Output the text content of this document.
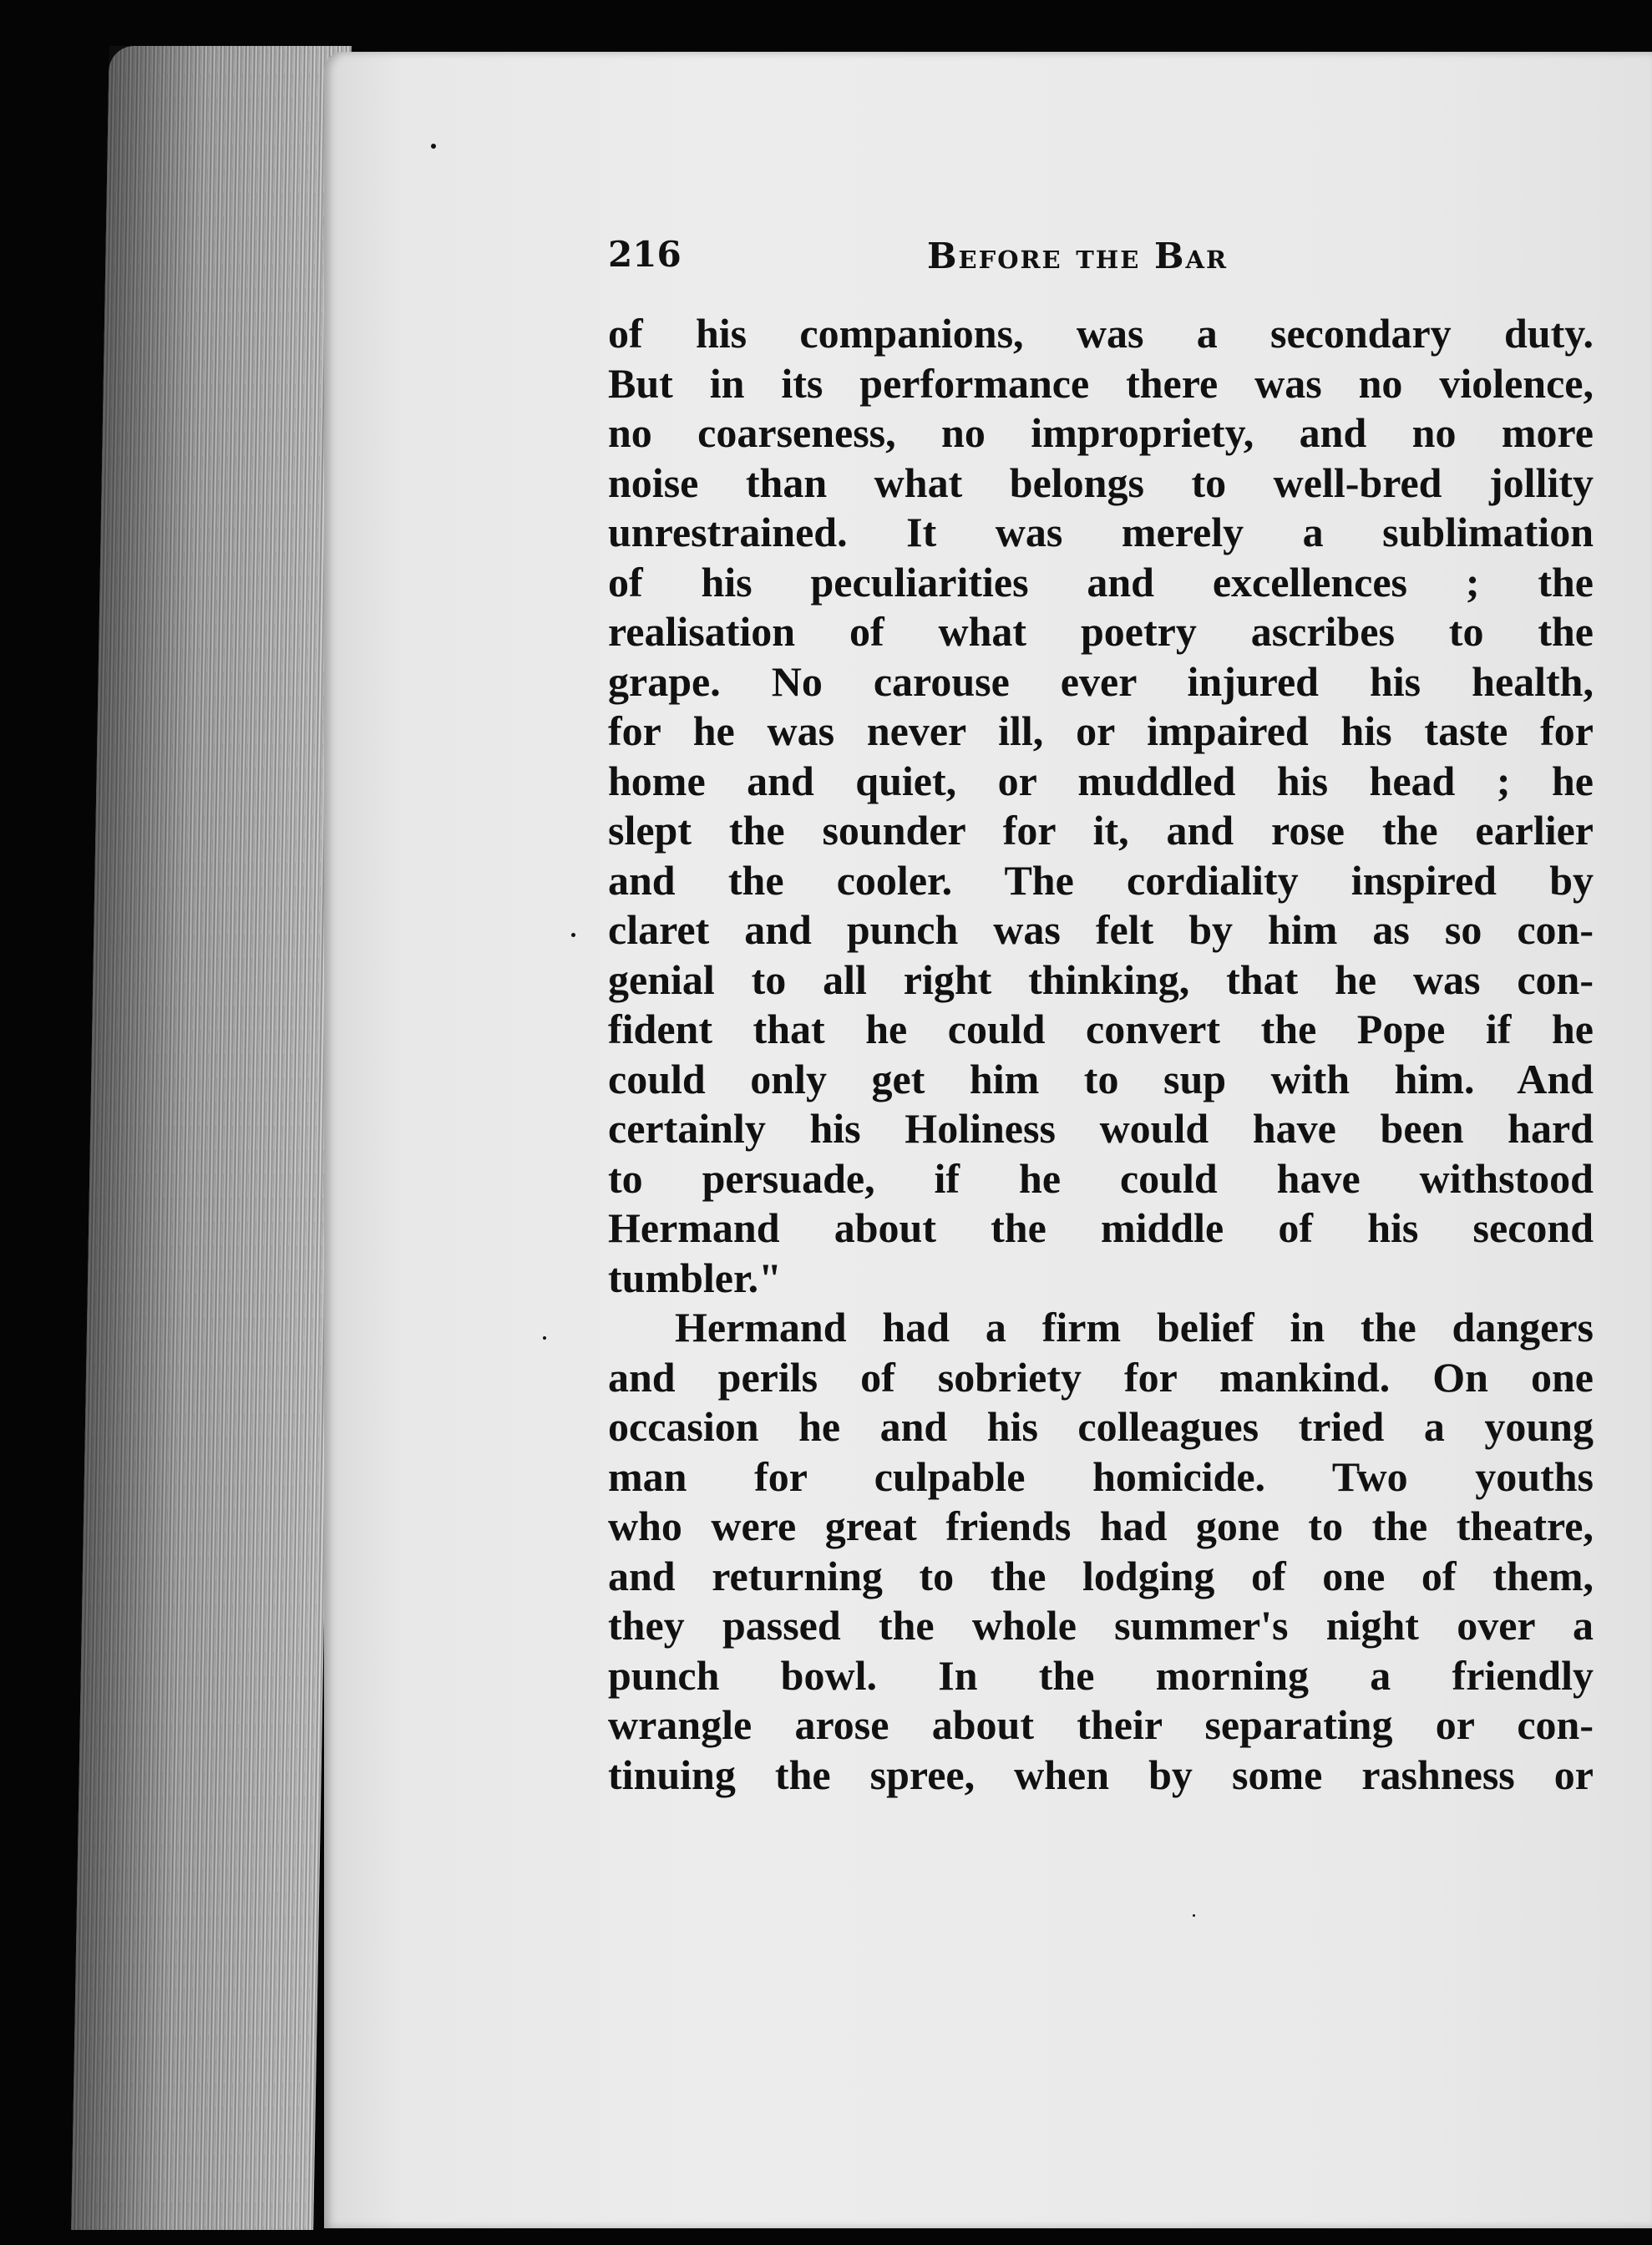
216	Before the Bar
of his companions, was a secondary duty.
But in its performance there was no violence,
no coarseness, no impropriety, and no more
noise than what belongs to well-bred jollity
unrestrained. It was merely a sublimation
of his peculiarities and excellences ; the
realisation of what poetry ascribes to the
grape. No carouse ever injured his health,
for he was never ill, or impaired his taste for
home and quiet, or muddled his head ; he
slept the sounder for it, and rose the earlier
and the cooler. The cordiality inspired by
claret and punch was felt by him as so con-
genial to all right thinking, that he was con-
fident that he could convert the Pope if he
could only get him to sup with him. And
certainly his Holiness would have been hard
to persuade, if he could have withstood
Hermand about the middle of his second
tumbler."
Hermand had a firm belief in the dangers
and perils of sobriety for mankind. On one
occasion he and his colleagues tried a young
man for culpable homicide. Two youths
who were great friends had gone to the theatre,
and returning to the lodging of one of them,
they passed the whole summer's night over a
punch bowl. In the morning a friendly
wrangle arose about their separating or con-
tinuing the spree, when by some rashness or
